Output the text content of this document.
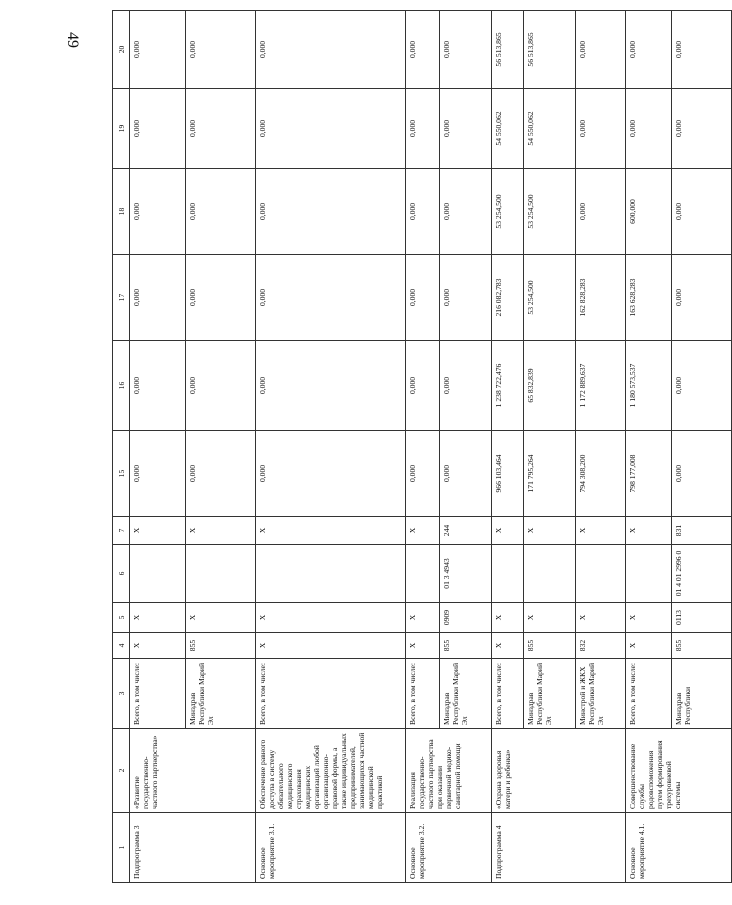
49
1	2	3	4	5	6	7	15	16	17	18	19	20
Подпрограмма 3	«Развитие государственно-частного партнерства»	Всего, в том числе:	Х	Х		Х	0,000	0,000	0,000	0,000	0,000	0,000
		Минздрав Республики Марий Эл	855	Х		Х	0,000	0,000	0,000	0,000	0,000	0,000
Основное мероприятие 3.1.	Обеспечение равного доступа в систему обязательного медицинского страхования медицинских организаций любой организационно-правовой формы, а также индивидуальных предпринимателей, занимающихся частной медицинской практикой	Всего, в том числе:	Х	Х		Х	0,000	0,000	0,000	0,000	0,000	0,000
Основное мероприятие 3.2.	Реализация государственно-частного партнерства при оказании первичной медико-санитарной помощи	Всего, в том числе:	Х	Х		Х	0,000	0,000	0,000	0,000	0,000	0,000
		Минздрав Республики Марий Эл	855	0909	01 3 4943	244	0,000	0,000	0,000	0,000	0,000	0,000
Подпрограмма 4	«Охрана здоровья матери и ребенка»	Всего, в том числе:	Х	Х		Х	966 103,464	1 238 722,476	216 082,783	53 254,500	54 550,062	56 513,865
		Минздрав Республики Марий Эл	855	Х		Х	171 795,264	65 832,839	53 254,500	53 254,500	54 550,062	56 513,865
		Минстрой и ЖКХ Республики Марий Эл	832	Х		Х	794 308,200	1 172 889,637	162 828,283	0,000	0,000	0,000
Основное мероприятие 4.1.	Совершенствование службы родовспоможения путем формирования трехуровневой системы	Всего, в том числе:	Х	Х		Х	798 177,008	1 180 573,537	163 628,283	600,000	0,000	0,000
		Минздрав Республики	855	0113	01 4 01 2996 0	831	0,000	0,000	0,000	0,000	0,000	0,000
